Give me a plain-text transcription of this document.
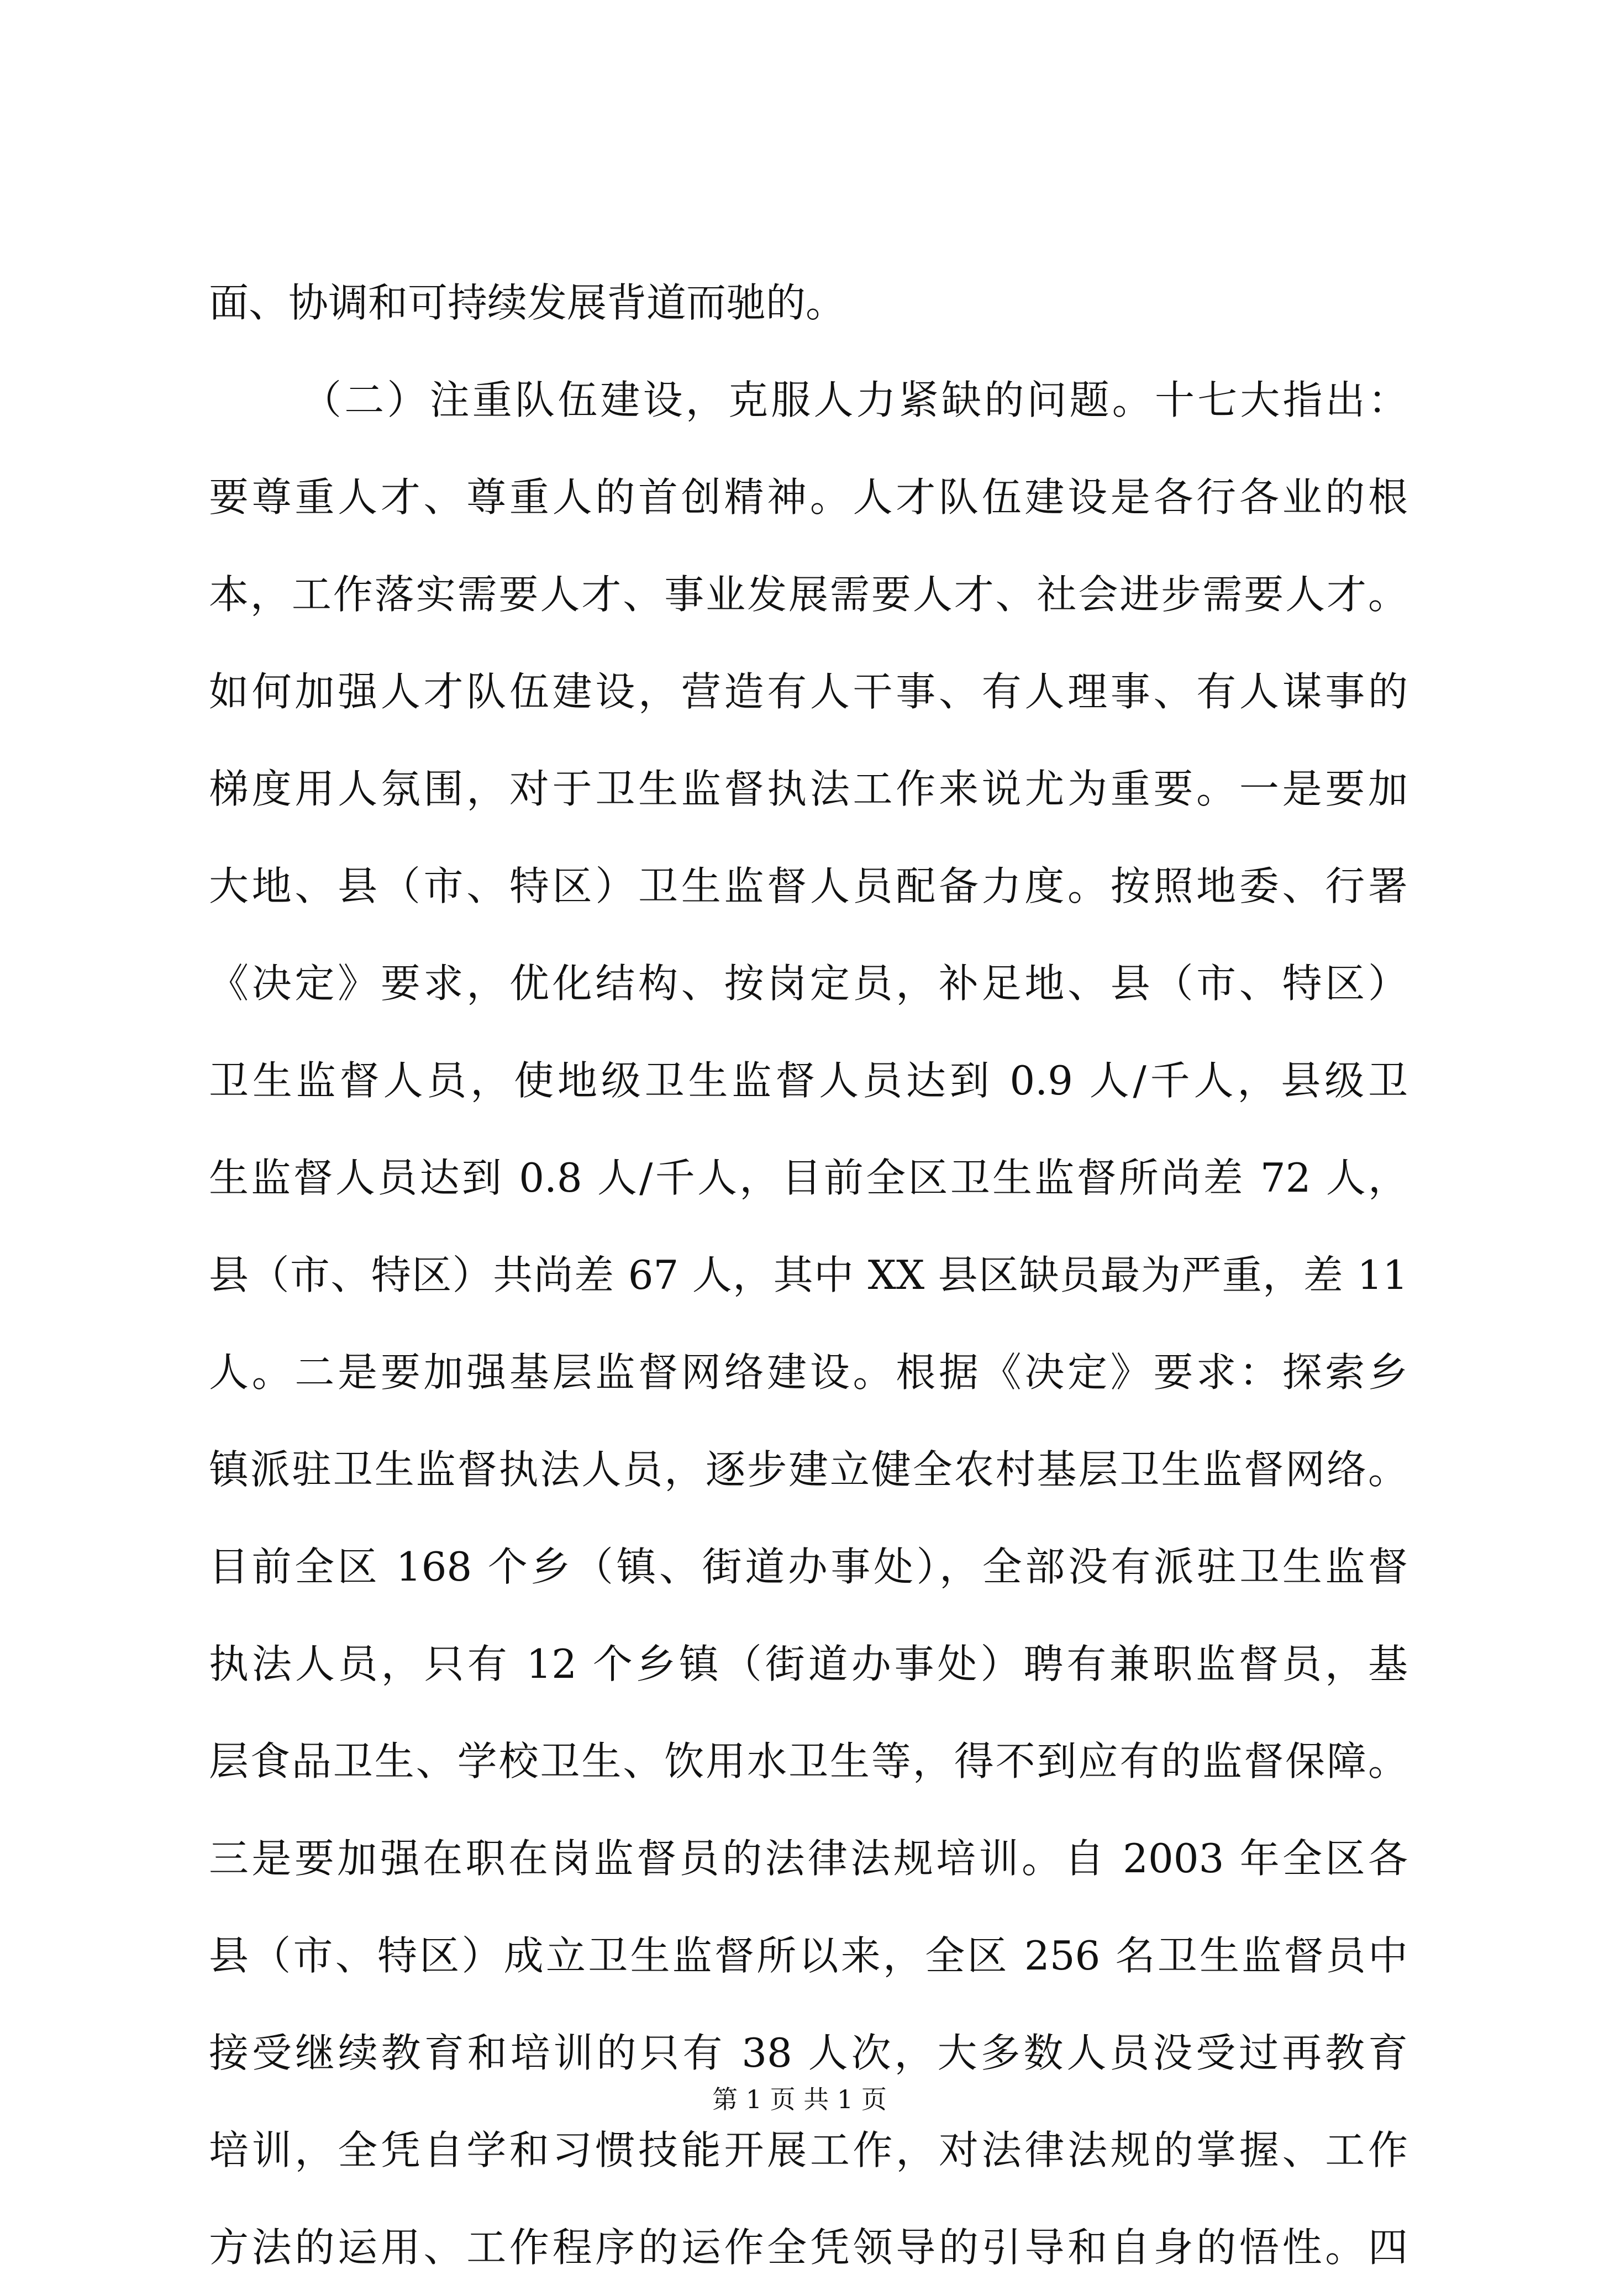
面、协调和可持续发展背道而驰的。
（二）注重队伍建设，克服人力紧缺的问题。十七大指出：
要尊重人才、尊重人的首创精神。人才队伍建设是各行各业的根
本，工作落实需要人才、事业发展需要人才、社会进步需要人才。
如何加强人才队伍建设，营造有人干事、有人理事、有人谋事的
梯度用人氛围，对于卫生监督执法工作来说尤为重要。一是要加
大地、县（市、特区）卫生监督人员配备力度。按照地委、行署
《决定》要求，优化结构、按岗定员，补足地、县（市、特区）
卫生监督人员，使地级卫生监督人员达到 0.9 人/千人，县级卫
生监督人员达到 0.8 人/千人，目前全区卫生监督所尚差 72 人，
县（市、特区）共尚差 67 人，其中 XX 县区缺员最为严重，差 11
人。二是要加强基层监督网络建设。根据《决定》要求：探索乡
镇派驻卫生监督执法人员，逐步建立健全农村基层卫生监督网络。
目前全区 168 个乡（镇、街道办事处），全部没有派驻卫生监督
执法人员，只有 12 个乡镇（街道办事处）聘有兼职监督员，基
层食品卫生、学校卫生、饮用水卫生等，得不到应有的监督保障。
三是要加强在职在岗监督员的法律法规培训。自 2003 年全区各
县（市、特区）成立卫生监督所以来，全区 256 名卫生监督员中
接受继续教育和培训的只有 38 人次，大多数人员没受过再教育
培训，全凭自学和习惯技能开展工作，对法律法规的掌握、工作
方法的运用、工作程序的运作全凭领导的引导和自身的悟性。四
第 1 页 共 1 页
